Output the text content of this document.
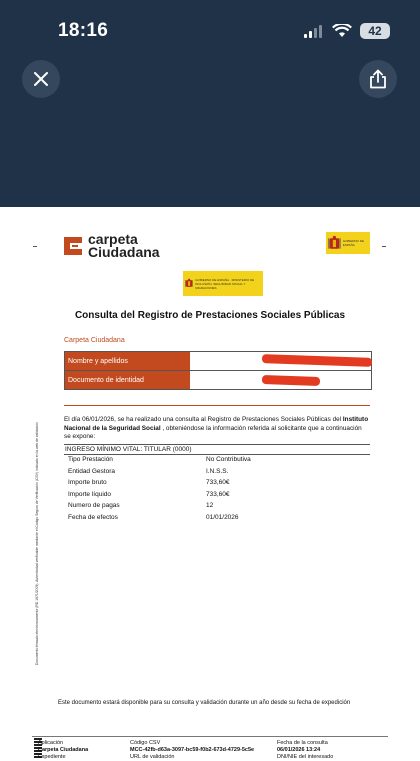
18:16	42
carpeta
Ciudadana
GOBIERNO DE ESPAÑA
GOBIERNO DE ESPAÑA · MINISTERIO DE INCLUSIÓN, SEGURIDAD SOCIAL Y MIGRACIONES
Consulta del Registro de Prestaciones Sociales Públicas
Carpeta Ciudadana
Nombre y apellidos
Documento de identidad
El día 06/01/2026, se ha realizado una consulta al Registro de Prestaciones Sociales Públicas del Instituto Nacional de la Seguridad Social , obteniéndose la información referida al solicitante que a continuación se expone:
INGRESO MÍNIMO VITAL: TITULAR (0000)
Tipo Prestación	No Contributiva
Entidad Gestora	I.N.S.S.
Importe bruto	733,60€
Importe líquido	733,60€
Numero de pagas	12
Fecha de efectos	01/01/2026
Documento firmado electrónicamente (RD 1671/2009). Autenticidad verificable mediante el Código Seguro de Verificación (CSV) indicado en la web de validación
Este documento estará disponible para su consulta y validación durante un año desde su fecha de expedición
Aplicación
Carpeta Ciudadana
Expediente
Código CSV
MCC-42fb-d63a-3097-bc59-f0b2-673d-4729-5c5e
URL de validación
Fecha de la consulta
06/01/2026 13:24
DNI/NIE del interesado
